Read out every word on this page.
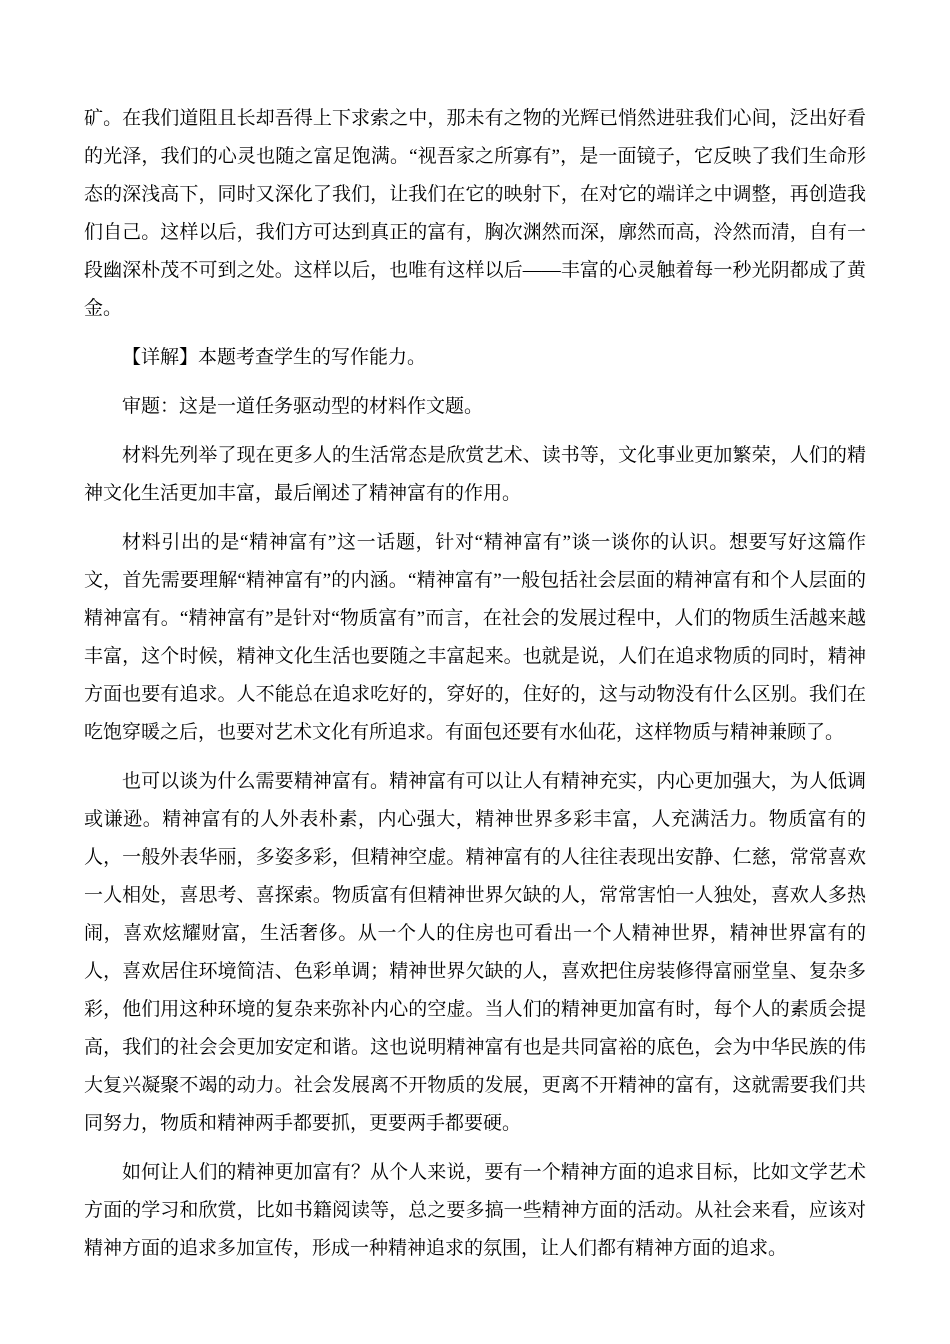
矿。在我们道阻且长却吾得上下求索之中，那未有之物的光辉已悄然进驻我们心间，泛出好看的光泽，我们的心灵也随之富足饱满。“视吾家之所寡有”，是一面镜子，它反映了我们生命形态的深浅高下，同时又深化了我们，让我们在它的映射下，在对它的端详之中调整，再创造我们自己。这样以后，我们方可达到真正的富有，胸次渊然而深，廓然而高，泠然而清，自有一段幽深朴茂不可到之处。这样以后，也唯有这样以后——丰富的心灵触着每一秒光阴都成了黄金。

【详解】本题考查学生的写作能力。

审题：这是一道任务驱动型的材料作文题。

材料先列举了现在更多人的生活常态是欣赏艺术、读书等，文化事业更加繁荣，人们的精神文化生活更加丰富，最后阐述了精神富有的作用。

材料引出的是“精神富有”这一话题，针对“精神富有”谈一谈你的认识。想要写好这篇作文，首先需要理解“精神富有”的内涵。“精神富有”一般包括社会层面的精神富有和个人层面的精神富有。“精神富有”是针对“物质富有”而言，在社会的发展过程中，人们的物质生活越来越丰富，这个时候，精神文化生活也要随之丰富起来。也就是说，人们在追求物质的同时，精神方面也要有追求。人不能总在追求吃好的，穿好的，住好的，这与动物没有什么区别。我们在吃饱穿暖之后，也要对艺术文化有所追求。有面包还要有水仙花，这样物质与精神兼顾了。

也可以谈为什么需要精神富有。精神富有可以让人有精神充实，内心更加强大，为人低调或谦逊。精神富有的人外表朴素，内心强大，精神世界多彩丰富，人充满活力。物质富有的人，一般外表华丽，多姿多彩，但精神空虚。精神富有的人往往表现出安静、仁慈，常常喜欢一人相处，喜思考、喜探索。物质富有但精神世界欠缺的人，常常害怕一人独处，喜欢人多热闹，喜欢炫耀财富，生活奢侈。从一个人的住房也可看出一个人精神世界，精神世界富有的人，喜欢居住环境简洁、色彩单调；精神世界欠缺的人，喜欢把住房装修得富丽堂皇、复杂多彩，他们用这种环境的复杂来弥补内心的空虚。当人们的精神更加富有时，每个人的素质会提高，我们的社会会更加安定和谐。这也说明精神富有也是共同富裕的底色，会为中华民族的伟大复兴凝聚不竭的动力。社会发展离不开物质的发展，更离不开精神的富有，这就需要我们共同努力，物质和精神两手都要抓，更要两手都要硬。

如何让人们的精神更加富有？从个人来说，要有一个精神方面的追求目标，比如文学艺术方面的学习和欣赏，比如书籍阅读等，总之要多搞一些精神方面的活动。从社会来看，应该对精神方面的追求多加宣传，形成一种精神追求的氛围，让人们都有精神方面的追求。
